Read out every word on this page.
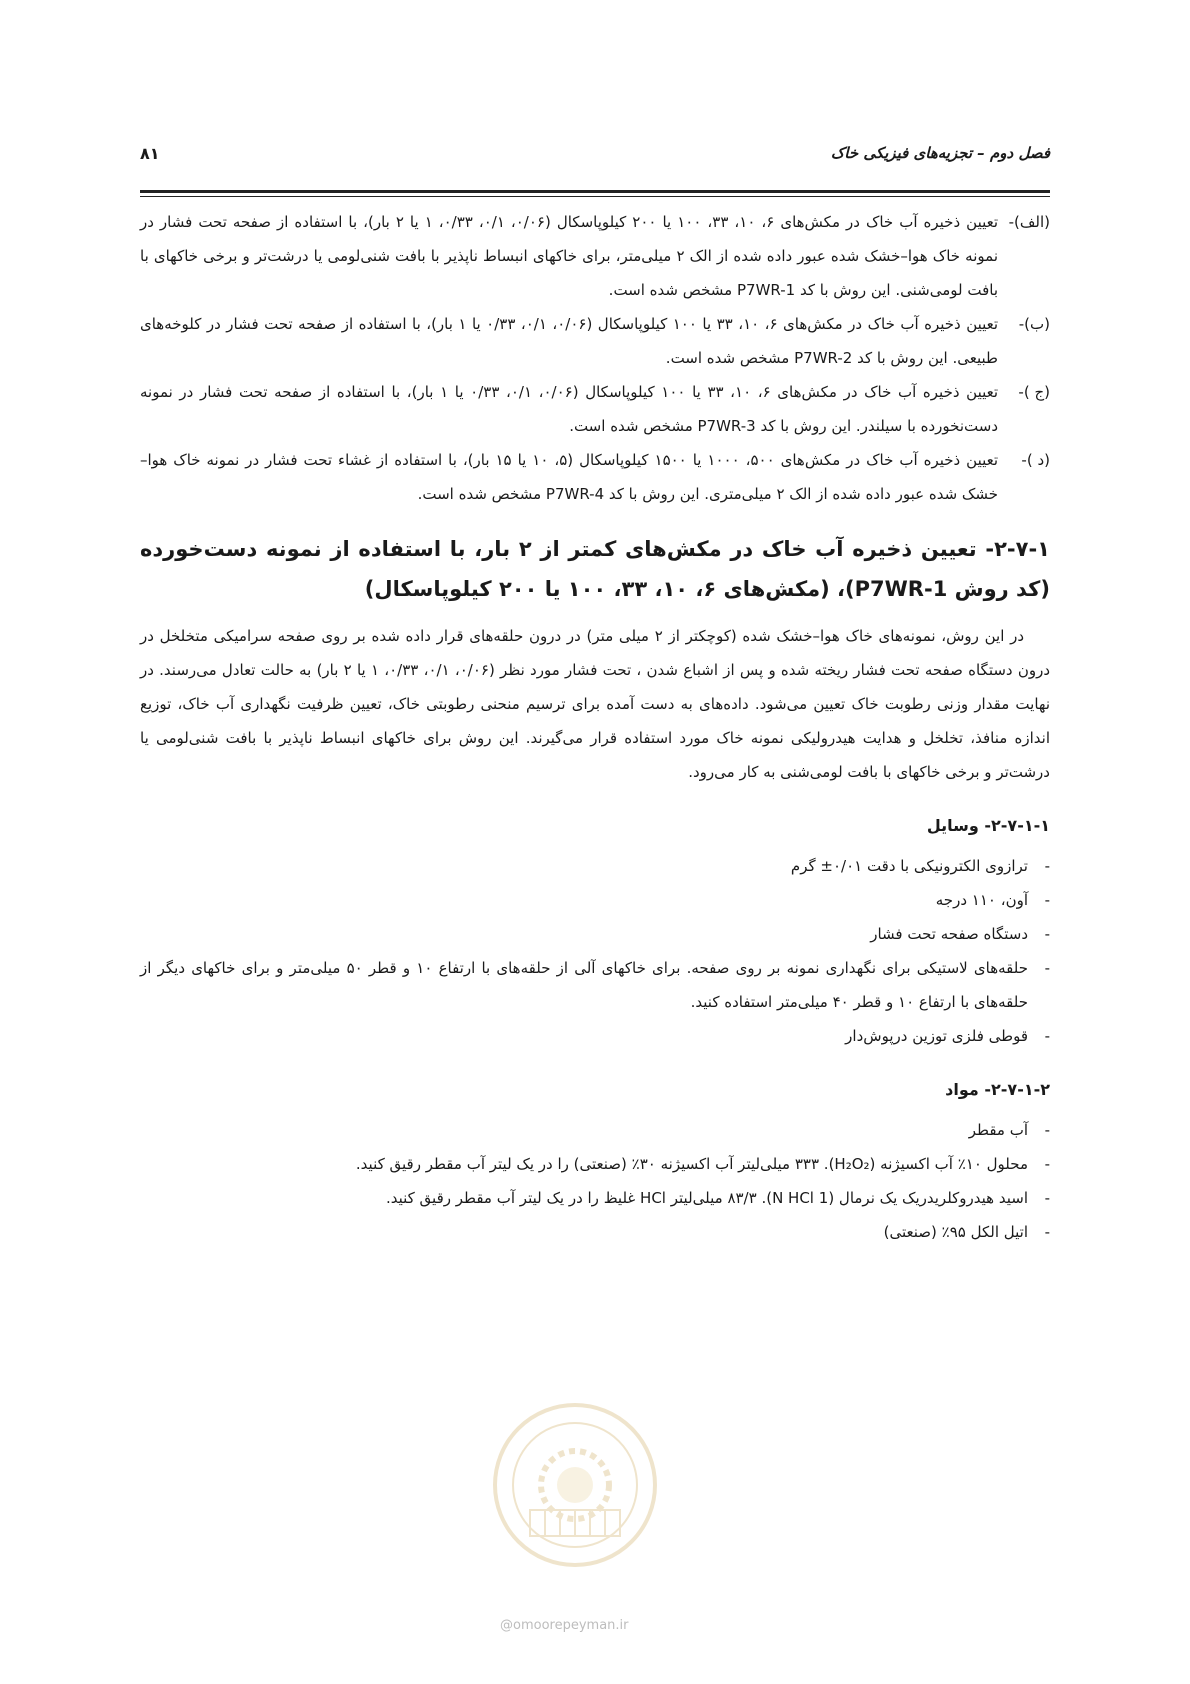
فصل دوم – تجزیه‌های فیزیکی خاک
۸۱
(الف)-
تعیین ذخیره آب خاک در مکش‌های ۶، ۱۰، ۳۳، ۱۰۰ یا ۲۰۰ کیلوپاسکال (۰/۰۶، ۰/۱، ۰/۳۳، ۱ یا ۲ بار)، با استفاده از صفحه تحت فشار در نمونه خاک هوا–خشک شده عبور داده شده از الک ۲ میلی‌متر، برای خاکهای انبساط ناپذیر با بافت شنی‌لومی یا درشت‌تر و برخی خاکهای با بافت لومی‌شنی. این روش با کد P7WR-1 مشخص شده است.
(ب)-
تعیین ذخیره آب خاک در مکش‌های ۶، ۱۰، ۳۳ یا ۱۰۰ کیلوپاسکال (۰/۰۶، ۰/۱، ۰/۳۳ یا ۱ بار)، با استفاده از صفحه تحت فشار در کلوخه‌های طبیعی. این روش با کد P7WR-2 مشخص شده است.
(ج )-
تعیین ذخیره آب خاک در مکش‌های ۶، ۱۰، ۳۳ یا ۱۰۰ کیلوپاسکال (۰/۰۶، ۰/۱، ۰/۳۳ یا ۱ بار)، با استفاده از صفحه تحت فشار در نمونه دست‌نخورده با سیلندر. این روش با کد P7WR-3 مشخص شده است.
(د )-
تعیین ذخیره آب خاک در مکش‌های ۵۰۰، ۱۰۰۰ یا ۱۵۰۰ کیلوپاسکال (۵، ۱۰ یا ۱۵ بار)، با استفاده از غشاء تحت فشار در نمونه خاک هوا–خشک شده عبور داده شده از الک ۲ میلی‌متری. این روش با کد P7WR-4 مشخص شده است.
۲-۷-۱- تعیین ذخیره آب خاک در مکش‌های کمتر از ۲ بار، با استفاده از نمونه دست‌خورده (کد روش P7WR-1)، (مکش‌های ۶، ۱۰، ۳۳، ۱۰۰ یا ۲۰۰ کیلوپاسکال)

در این روش، نمونه‌های خاک هوا–خشک شده (کوچکتر از ۲ میلی متر) در درون حلقه‌های قرار داده شده بر روی صفحه سرامیکی متخلخل در درون دستگاه صفحه تحت فشار ریخته شده و پس از اشباع شدن ، تحت فشار مورد نظر (۰/۰۶، ۰/۱، ۰/۳۳، ۱ یا ۲ بار) به حالت تعادل می‌رسند. در نهایت مقدار وزنی رطوبت خاک تعیین می‌شود. داده‌های به دست آمده برای ترسیم منحنی رطوبتی خاک، تعیین ظرفیت نگهداری آب خاک، توزیع اندازه منافذ، تخلخل و هدایت هیدرولیکی نمونه خاک مورد استفاده قرار می‌گیرند. این روش برای خاکهای انبساط ناپذیر با بافت شنی‌لومی یا درشت‌تر و برخی خاکهای با بافت لومی‌شنی به کار می‌رود.

۲-۷-۱-۱- وسایل
-
ترازوی الکترونیکی با دقت ۰/۰۱± گرم
-
آون، ۱۱۰ درجه
-
دستگاه صفحه تحت فشار
-
حلقه‌های لاستیکی برای نگهداری نمونه بر روی صفحه. برای خاکهای آلی از حلقه‌های با ارتفاع ۱۰ و قطر ۵۰ میلی‌متر و برای خاکهای دیگر از حلقه‌های با ارتفاع ۱۰ و قطر ۴۰ میلی‌متر استفاده کنید.
-
قوطی فلزی توزین درپوش‌دار
۲-۷-۱-۲- مواد
-
آب مقطر
-
محلول ۱۰٪ آب اکسیژنه (H₂O₂). ۳۳۳ میلی‌لیتر آب اکسیژنه ۳۰٪ (صنعتی) را در یک لیتر آب مقطر رقیق کنید.
-
اسید هیدروکلریدریک یک نرمال (1 N HCl). ۸۳/۳ میلی‌لیتر HCl غلیظ را در یک لیتر آب مقطر رقیق کنید.
-
اتیل الکل ۹۵٪ (صنعتی)
@omoorepeyman.ir
